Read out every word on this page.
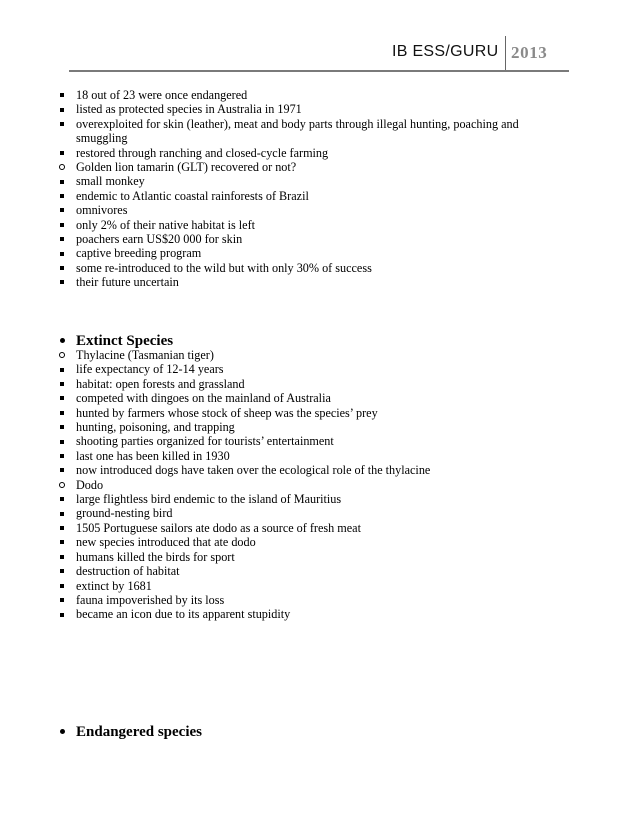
IB ESS/GURU 2013
18 out of 23 were once endangered
listed as protected species in Australia in 1971
overexploited for skin (leather), meat and body parts through illegal hunting, poaching and smuggling
restored through ranching and closed-cycle farming
Golden lion tamarin (GLT) recovered or not?
small monkey
endemic to Atlantic coastal rainforests of Brazil
omnivores
only 2% of their native habitat is left
poachers earn US$20 000 for skin
captive breeding program
some re-introduced to the wild but with only 30% of success
their future uncertain
Extinct Species
Thylacine (Tasmanian tiger)
life expectancy of 12-14 years
habitat: open forests and grassland
competed with dingoes on the mainland of Australia
hunted by farmers whose stock of sheep was the species’ prey
hunting, poisoning, and trapping
shooting parties organized for tourists’ entertainment
last one has been killed in 1930
now introduced dogs have taken over the ecological role of the thylacine
Dodo
large flightless bird endemic to the island of Mauritius
ground-nesting bird
1505 Portuguese sailors ate dodo as a source of fresh meat
new species introduced that ate dodo
humans killed the birds for sport
destruction of habitat
extinct by 1681
fauna impoverished by its loss
became an icon due to its apparent stupidity
Endangered species
